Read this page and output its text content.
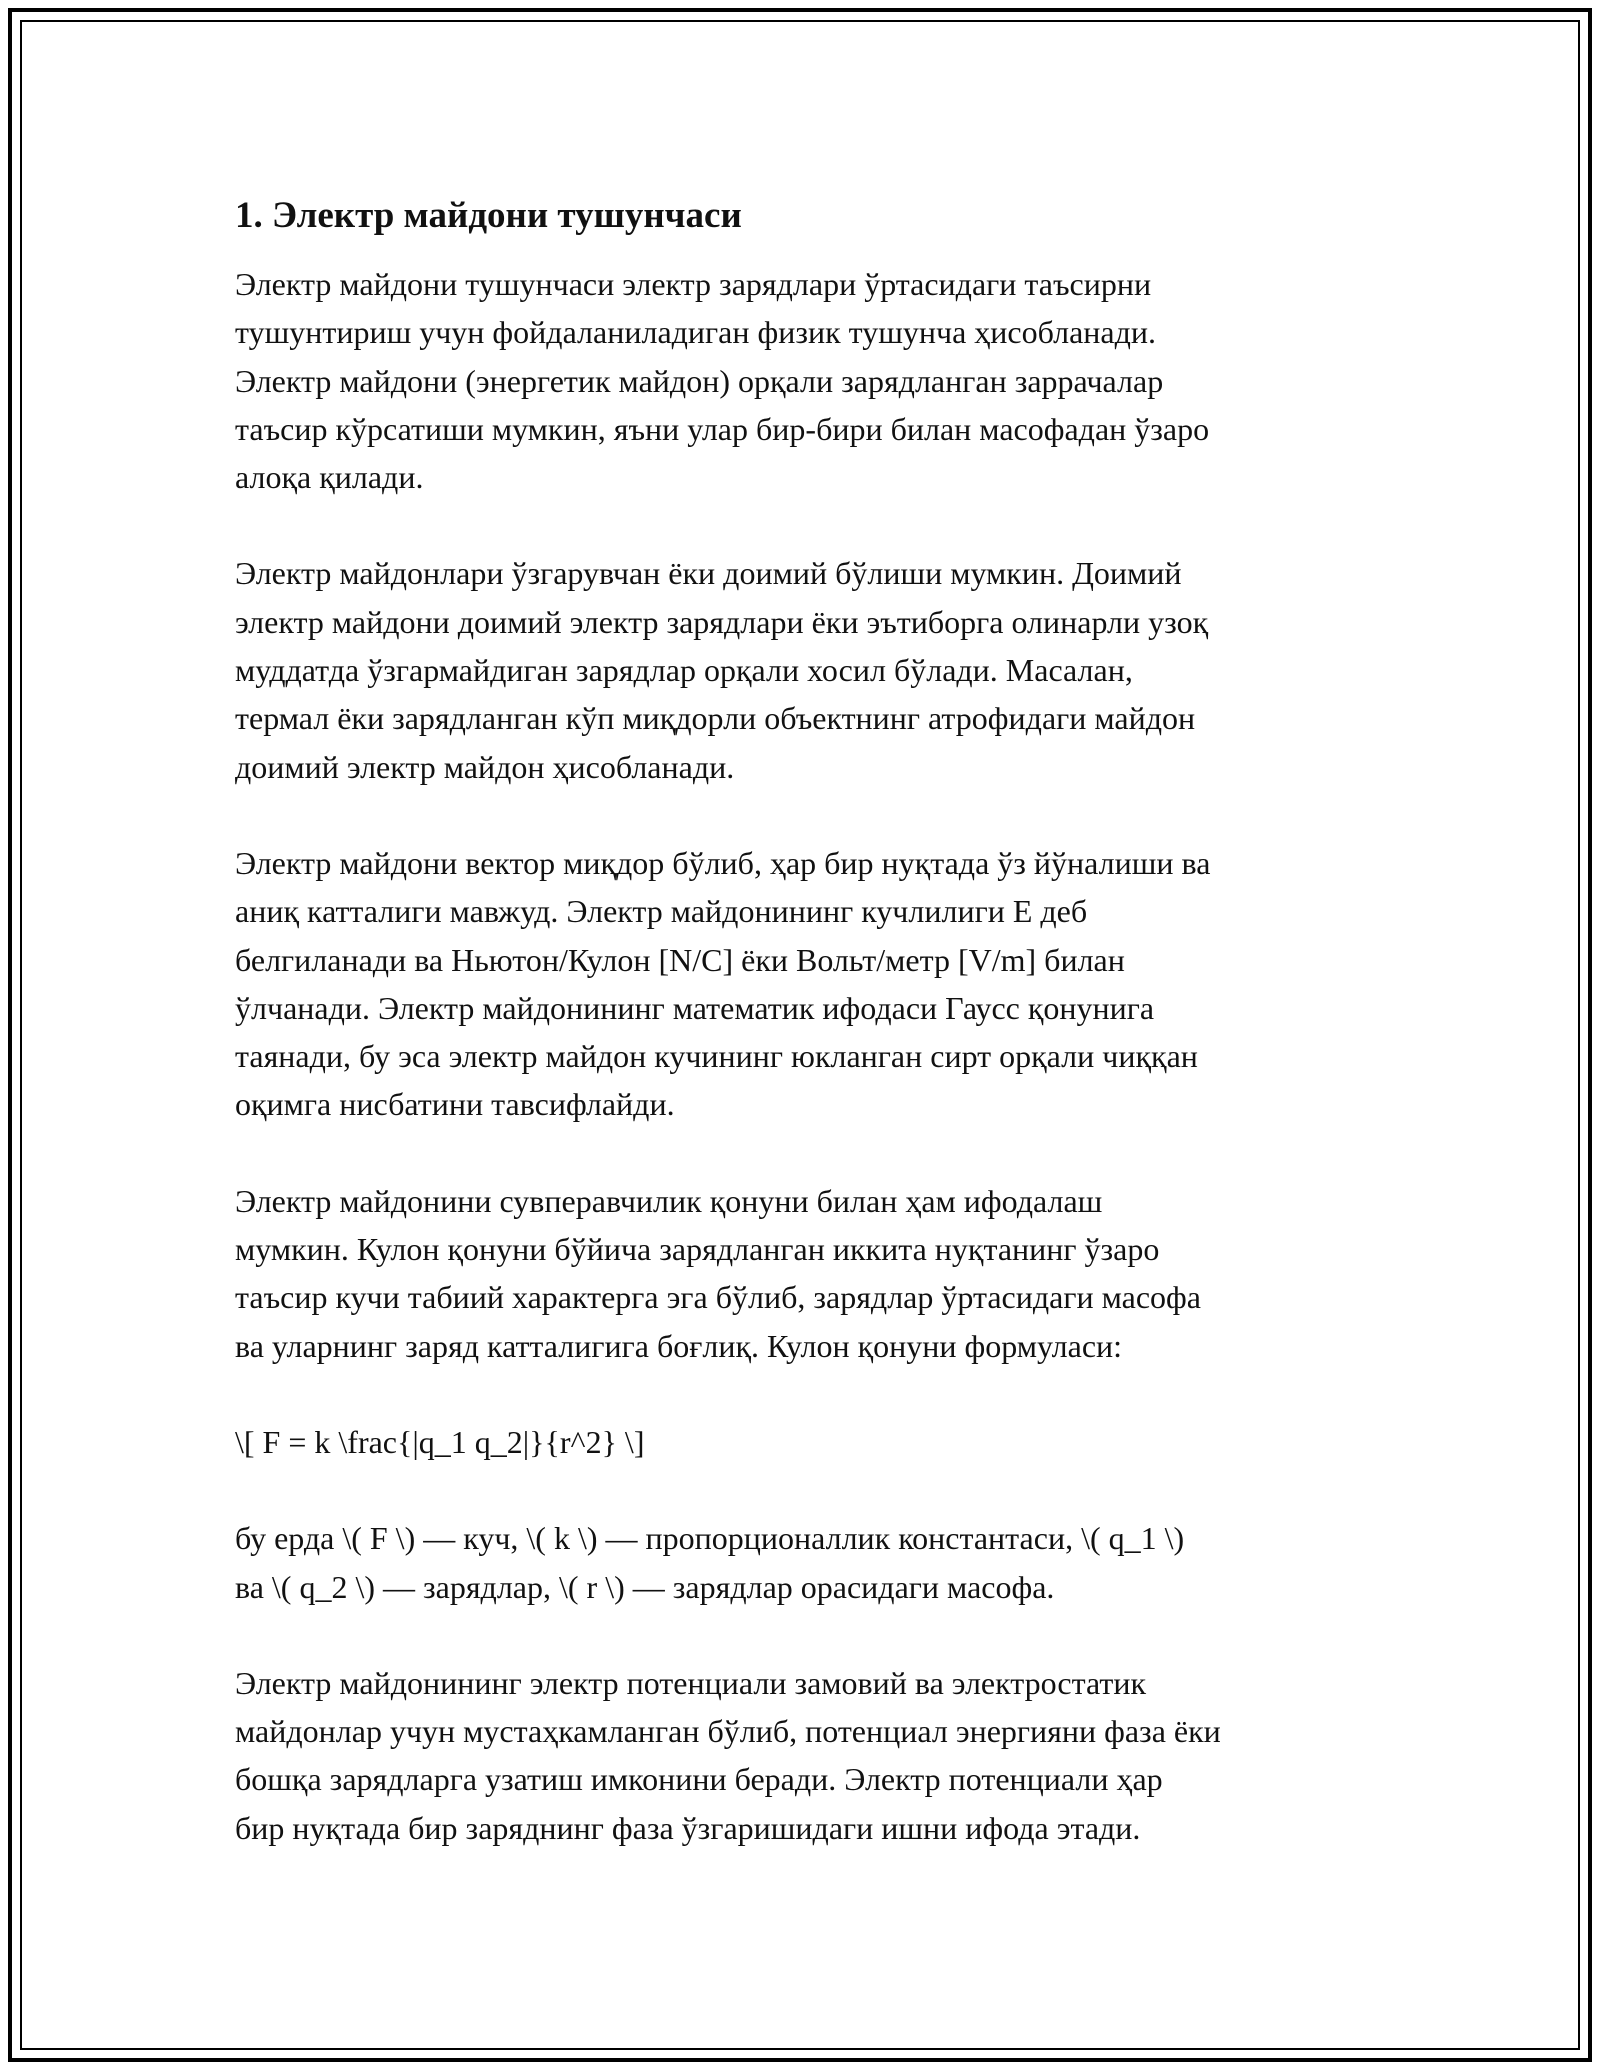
1. Электр майдони тушунчаси

Электр майдони тушунчаси электр зарядлари ўртасидаги таъсирни
тушунтириш учун фойдаланиладиган физик тушунча ҳисобланади.
Электр майдони (энергетик майдон) орқали зарядланган заррачалар
таъсир кўрсатиши мумкин, яъни улар бир-бири билан масофадан ўзаро
алоқа қилади.

Электр майдонлари ўзгарувчан ёки доимий бўлиши мумкин. Доимий
электр майдони доимий электр зарядлари ёки эътиборга олинарли узоқ
муддатда ўзгармайдиган зарядлар орқали хосил бўлади. Масалан,
термал ёки зарядланган кўп миқдорли объектнинг атрофидаги майдон
доимий электр майдон ҳисобланади.

Электр майдони вектор миқдор бўлиб, ҳар бир нуқтада ўз йўналиши ва
аниқ катталиги мавжуд. Электр майдонининг кучлилиги E деб
белгиланади ва Ньютон/Кулон [N/C] ёки Вольт/метр [V/m] билан
ўлчанади. Электр майдонининг математик ифодаси Гаусс қонунига
таянади, бу эса электр майдон кучининг юкланган сирт орқали чиққан
оқимга нисбатини тавсифлайди.

Электр майдонини сувперавчилик қонуни билан ҳам ифодалаш
мумкин. Кулон қонуни бўйича зарядланган иккита нуқтанинг ўзаро
таъсир кучи табиий характерга эга бўлиб, зарядлар ўртасидаги масофа
ва уларнинг заряд катталигига боғлиқ. Кулон қонуни формуласи:

\[ F = k \frac{|q_1 q_2|}{r^2} \]

бу ерда \( F \) — куч, \( k \) — пропорционаллик константаси, \( q_1 \)
ва \( q_2 \) — зарядлар, \( r \) — зарядлар орасидаги масофа.

Электр майдонининг электр потенциали замовий ва электростатик
майдонлар учун мустаҳкамланган бўлиб, потенциал энергияни фаза ёки
бошқа зарядларга узатиш имконини беради. Электр потенциали ҳар
бир нуқтада бир заряднинг фаза ўзгаришидаги ишни ифода этади.
